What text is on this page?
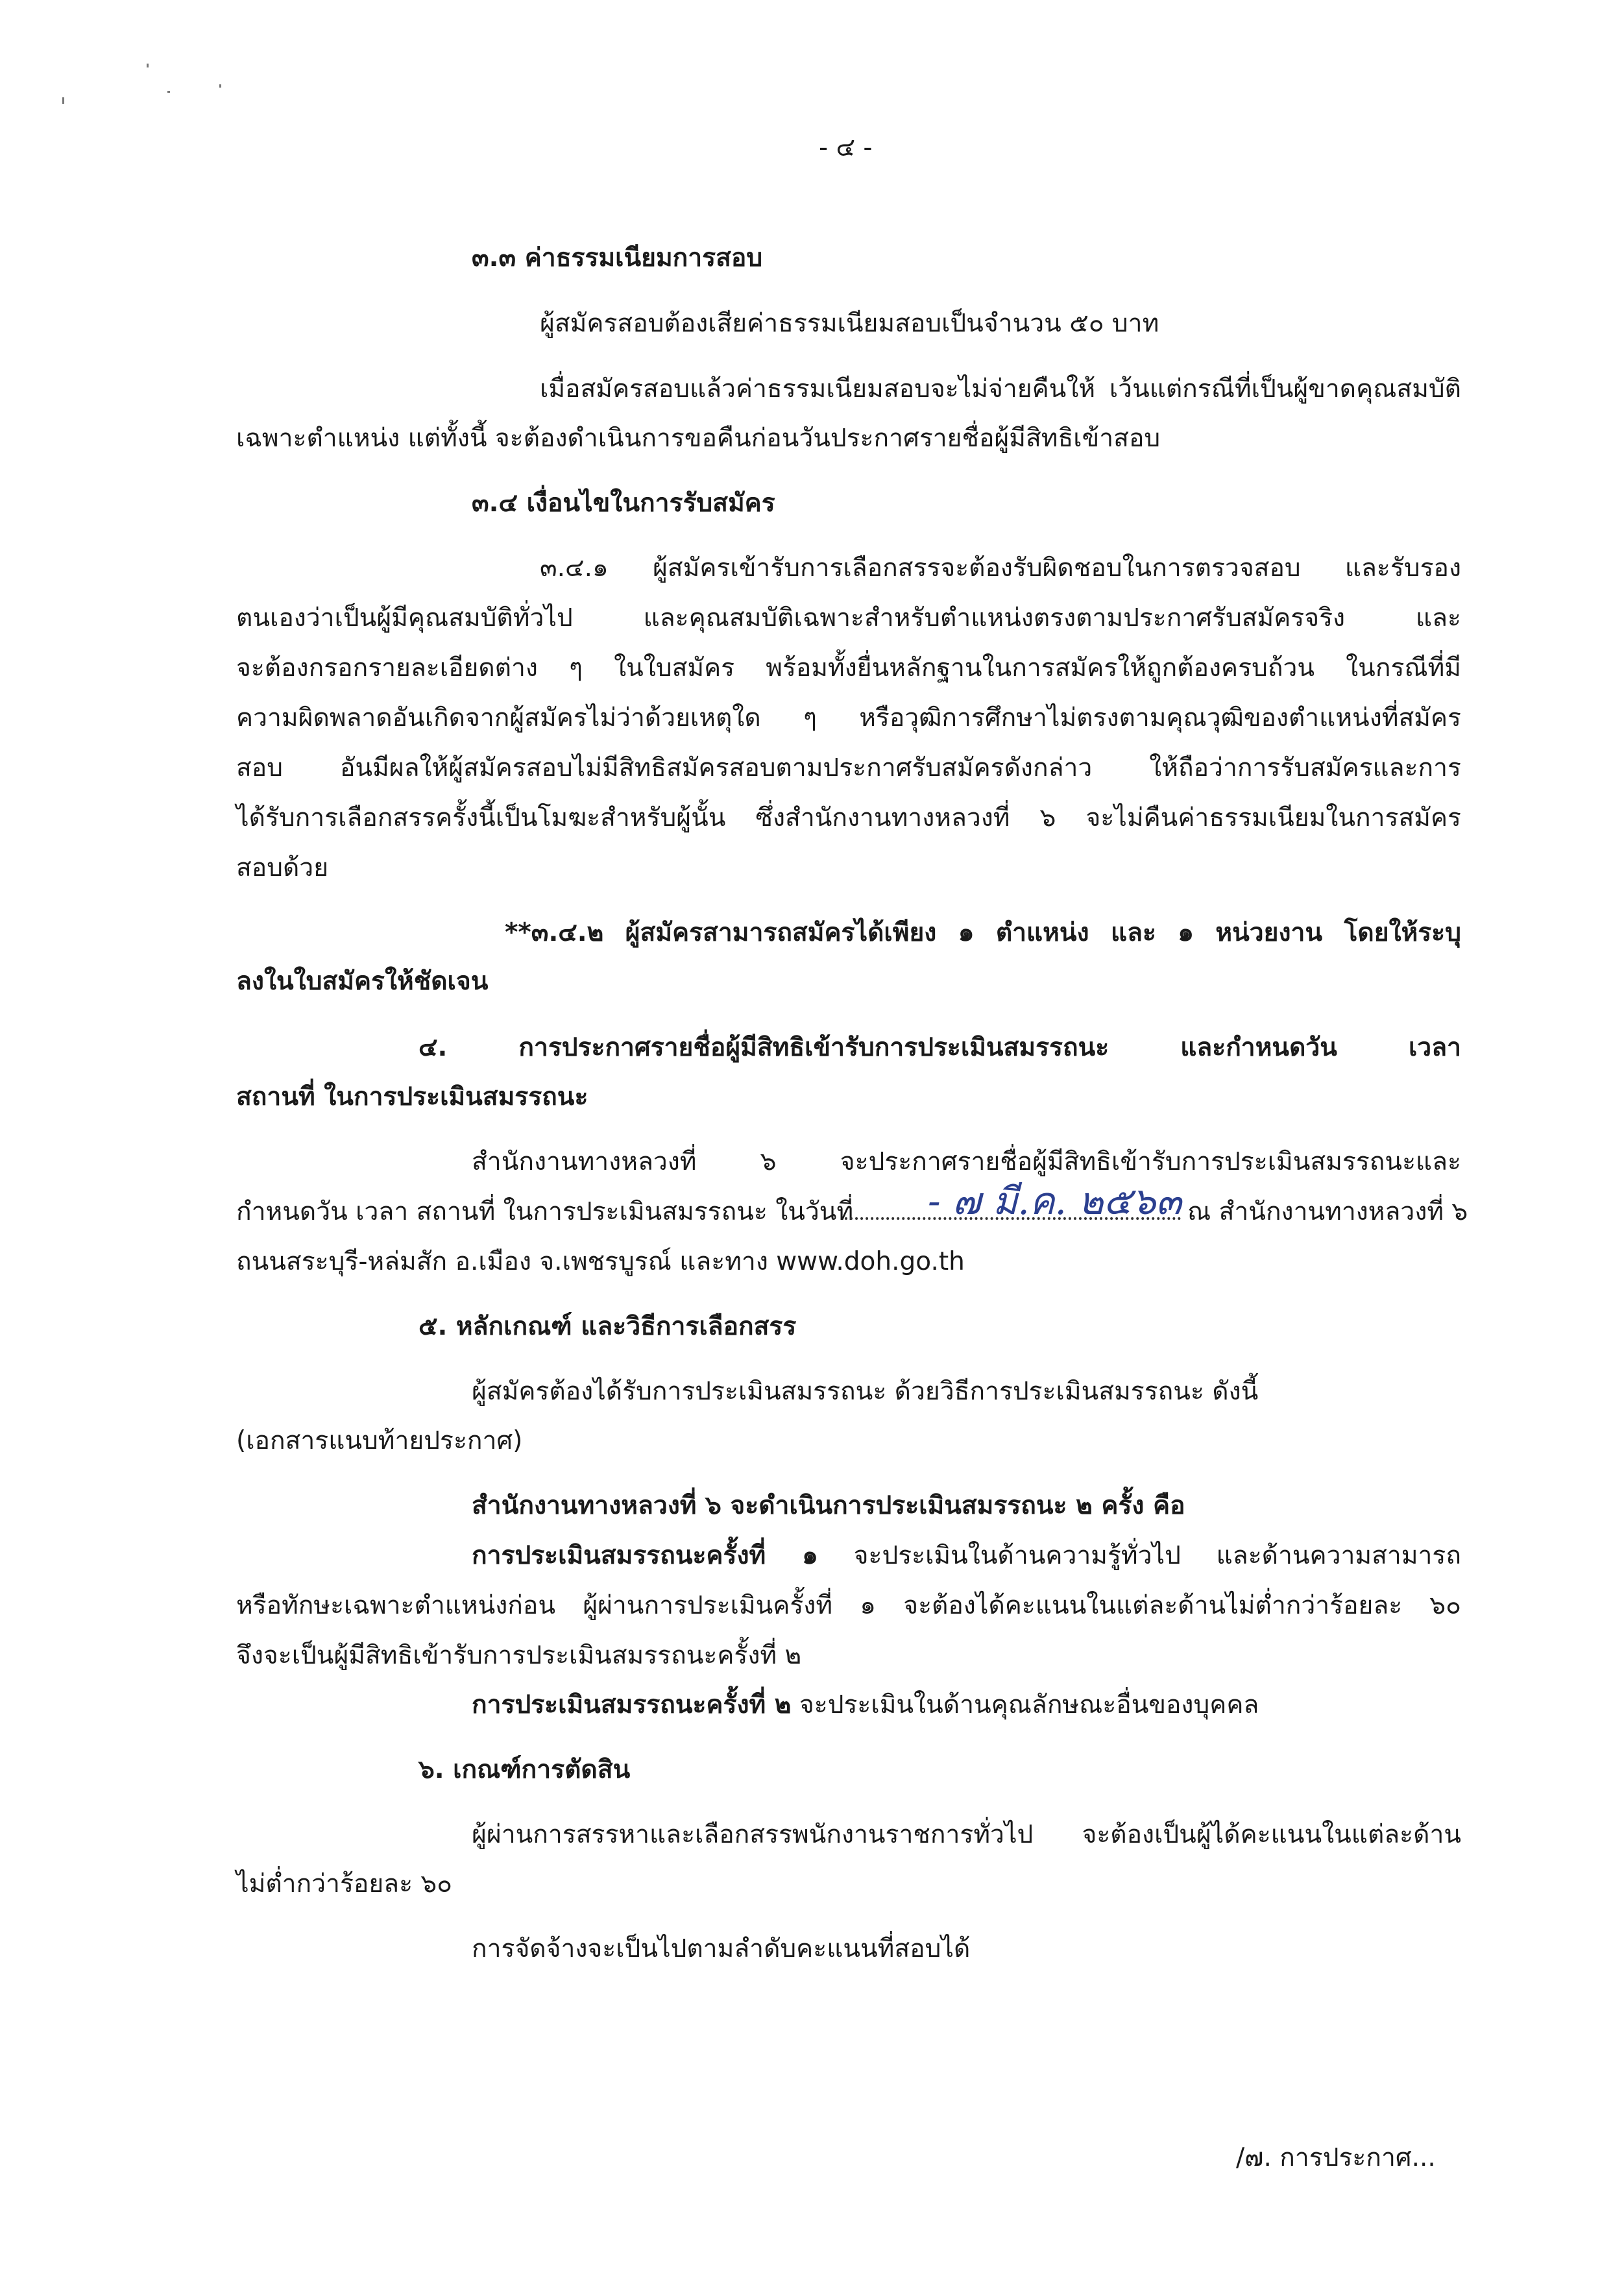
- ๔ -
๓.๓ ค่าธรรมเนียมการสอบ
ผู้สมัครสอบต้องเสียค่าธรรมเนียมสอบเป็นจำนวน ๕๐ บาท
เมื่อสมัครสอบแล้วค่าธรรมเนียมสอบจะไม่จ่ายคืนให้ เว้นแต่กรณีที่เป็นผู้ขาดคุณสมบัติ
เฉพาะตำแหน่ง แต่ทั้งนี้ จะต้องดำเนินการขอคืนก่อนวันประกาศรายชื่อผู้มีสิทธิเข้าสอบ
๓.๔ เงื่อนไขในการรับสมัคร
๓.๔.๑ ผู้สมัครเข้ารับการเลือกสรรจะต้องรับผิดชอบในการตรวจสอบ และรับรอง
ตนเองว่าเป็นผู้มีคุณสมบัติทั่วไป และคุณสมบัติเฉพาะสำหรับตำแหน่งตรงตามประกาศรับสมัครจริง และ
จะต้องกรอกรายละเอียดต่าง ๆ ในใบสมัคร พร้อมทั้งยื่นหลักฐานในการสมัครให้ถูกต้องครบถ้วน ในกรณีที่มี
ความผิดพลาดอันเกิดจากผู้สมัครไม่ว่าด้วยเหตุใด ๆ หรือวุฒิการศึกษาไม่ตรงตามคุณวุฒิของตำแหน่งที่สมัคร
สอบ อันมีผลให้ผู้สมัครสอบไม่มีสิทธิสมัครสอบตามประกาศรับสมัครดังกล่าว ให้ถือว่าการรับสมัครและการ
ได้รับการเลือกสรรครั้งนี้เป็นโมฆะสำหรับผู้นั้น ซึ่งสำนักงานทางหลวงที่ ๖ จะไม่คืนค่าธรรมเนียมในการสมัคร
สอบด้วย
**๓.๔.๒ ผู้สมัครสามารถสมัครได้เพียง ๑ ตำแหน่ง และ ๑ หน่วยงาน โดยให้ระบุ
ลงในใบสมัครให้ชัดเจน
๔. การประกาศรายชื่อผู้มีสิทธิเข้ารับการประเมินสมรรถนะ และกำหนดวัน เวลา
สถานที่ ในการประเมินสมรรถนะ
สำนักงานทางหลวงที่ ๖ จะประกาศรายชื่อผู้มีสิทธิเข้ารับการประเมินสมรรถนะและ
กำหนดวัน เวลา สถานที่ ในการประเมินสมรรถนะ ในวันที่ - ๗ มี.ค. ๒๕๖๓ ณ สำนักงานทางหลวงที่ ๖
ถนนสระบุรี-หล่มสัก อ.เมือง จ.เพชรบูรณ์ และทาง www.doh.go.th
๕. หลักเกณฑ์ และวิธีการเลือกสรร
ผู้สมัครต้องได้รับการประเมินสมรรถนะ ด้วยวิธีการประเมินสมรรถนะ ดังนี้
(เอกสารแนบท้ายประกาศ)
สำนักงานทางหลวงที่ ๖ จะดำเนินการประเมินสมรรถนะ ๒ ครั้ง คือ
การประเมินสมรรถนะครั้งที่ ๑ จะประเมินในด้านความรู้ทั่วไป และด้านความสามารถ
หรือทักษะเฉพาะตำแหน่งก่อน ผู้ผ่านการประเมินครั้งที่ ๑ จะต้องได้คะแนนในแต่ละด้านไม่ต่ำกว่าร้อยละ ๖๐
จึงจะเป็นผู้มีสิทธิเข้ารับการประเมินสมรรถนะครั้งที่ ๒
การประเมินสมรรถนะครั้งที่ ๒ จะประเมินในด้านคุณลักษณะอื่นของบุคคล
๖. เกณฑ์การตัดสิน
ผู้ผ่านการสรรหาและเลือกสรรพนักงานราชการทั่วไป จะต้องเป็นผู้ได้คะแนนในแต่ละด้าน
ไม่ต่ำกว่าร้อยละ ๖๐
การจัดจ้างจะเป็นไปตามลำดับคะแนนที่สอบได้
/๗. การประกาศ...
